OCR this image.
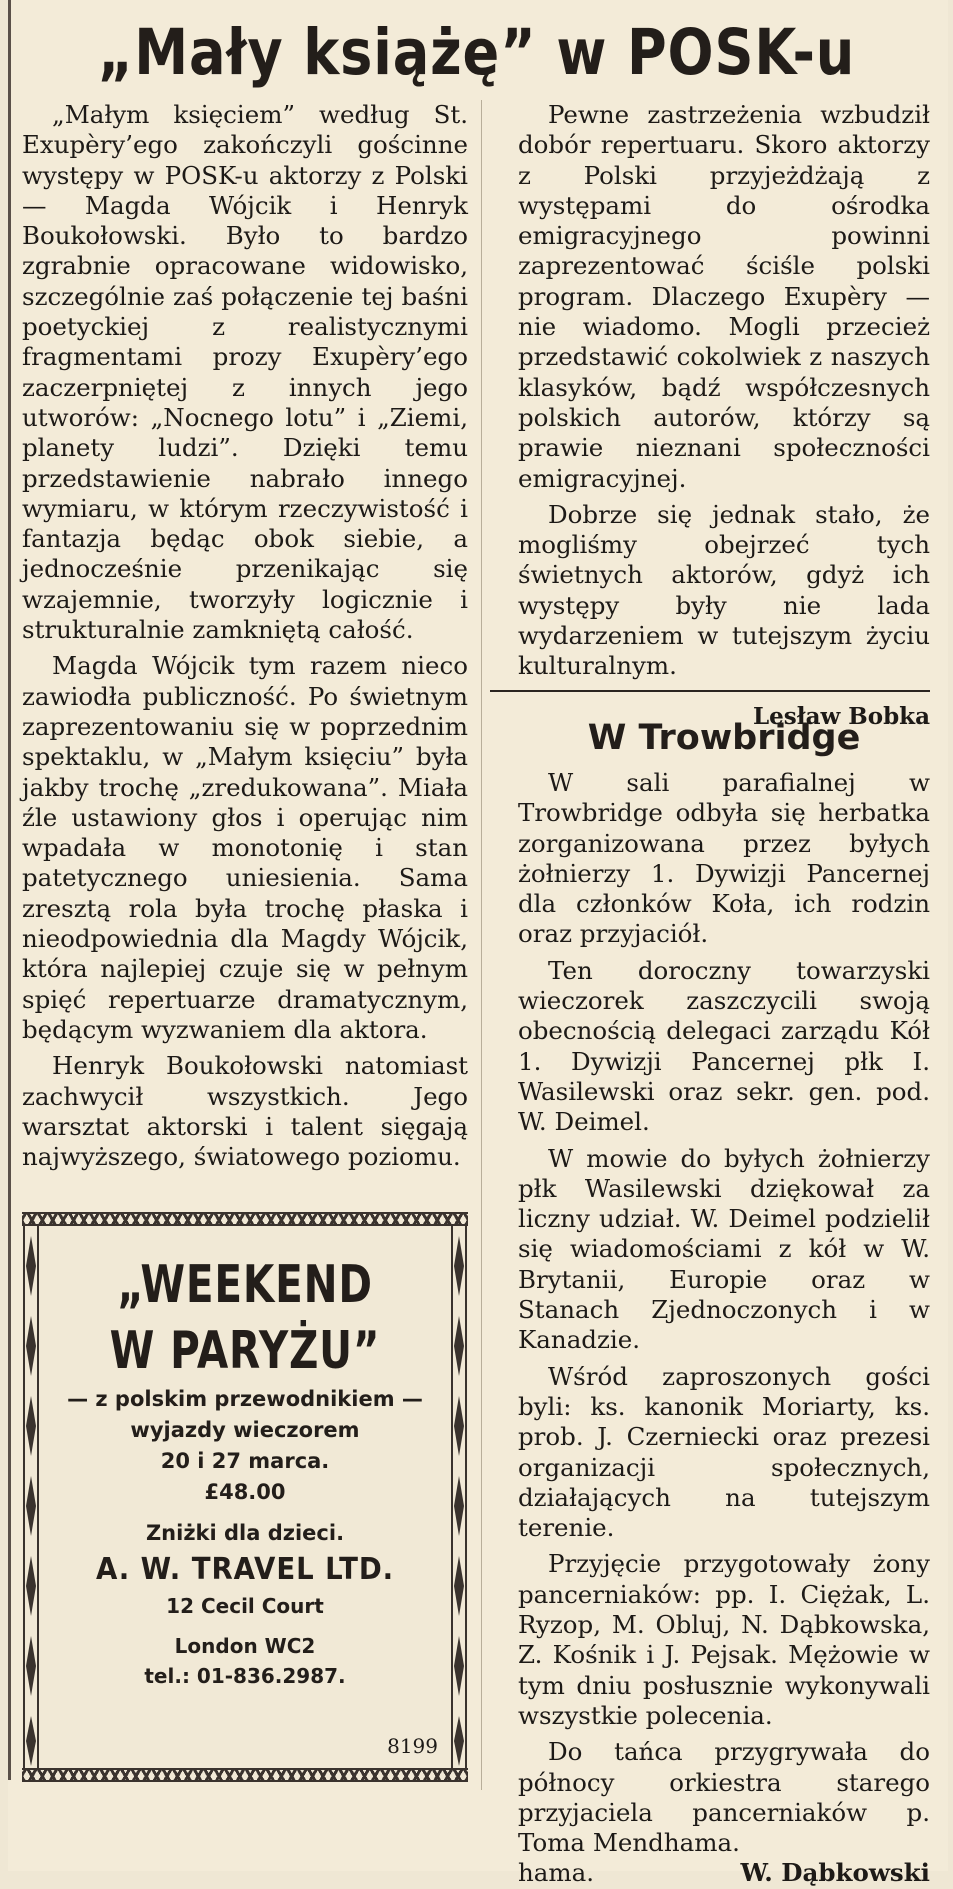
„Mały książę” w POSK-u

„Małym księciem” według St. Exupèry’ego zakończyli gościnne występy w POSK-u aktorzy z Polski — Magda Wójcik i Henryk Boukołowski. Było to bardzo zgrabnie opracowane widowisko, szczególnie zaś połączenie tej baśni poetyckiej z realistycznymi fragmentami prozy Exupèry’ego zaczerpniętej z innych jego utworów: „Nocnego lotu” i „Ziemi, planety ludzi”. Dzięki temu przedstawienie nabrało innego wymiaru, w którym rzeczywistość i fantazja będąc obok siebie, a jednocześnie przenikając się wzajemnie, tworzyły logicznie i strukturalnie zamkniętą całość.

Magda Wójcik tym razem nieco zawiodła publiczność. Po świetnym zaprezentowaniu się w poprzednim spektaklu, w „Małym księciu” była jakby trochę „zredukowana”. Miała źle ustawiony głos i operując nim wpadała w monotonię i stan patetycznego uniesienia. Sama zresztą rola była trochę płaska i nieodpowiednia dla Magdy Wójcik, która najlepiej czuje się w pełnym spięć repertuarze dramatycznym, będącym wyzwaniem dla aktora.

Henryk Boukołowski natomiast zachwycił wszystkich. Jego warsztat aktorski i talent sięgają najwyższego, światowego poziomu.

Pewne zastrzeżenia wzbudził dobór repertuaru. Skoro aktorzy z Polski przyjeżdżają z występami do ośrodka emigracyjnego powinni zaprezentować ściśle polski program. Dlaczego Exupèry — nie wiadomo. Mogli przecież przedstawić cokolwiek z naszych klasyków, bądź współczesnych polskich autorów, którzy są prawie nieznani społeczności emigracyjnej.

Dobrze się jednak stało, że mogliśmy obejrzeć tych świetnych aktorów, gdyż ich występy były nie lada wydarzeniem w tutejszym życiu kulturalnym.

Lesław Bobka
W Trowbridge

W sali parafialnej w Trowbridge odbyła się herbatka zorganizowana przez byłych żołnierzy 1. Dywizji Pancernej dla członków Koła, ich rodzin oraz przyjaciół.

Ten doroczny towarzyski wieczorek zaszczycili swoją obecnością delegaci zarządu Kół 1. Dywizji Pancernej płk I. Wasilewski oraz sekr. gen. pod. W. Deimel.

W mowie do byłych żołnierzy płk Wasilewski dziękował za liczny udział. W. Deimel podzielił się wiadomościami z kół w W. Brytanii, Europie oraz w Stanach Zjednoczonych i w Kanadzie.

Wśród zaproszonych gości byli: ks. kanonik Moriarty, ks. prob. J. Czerniecki oraz prezesi organizacji społecznych, działających na tutejszym terenie.

Przyjęcie przygotowały żony pancerniaków: pp. I. Ciężak, L. Ryzop, M. Obluj, N. Dąbkowska, Z. Kośnik i J. Pejsak. Mężowie w tym dniu posłusznie wykonywali wszystkie polecenia.

Do tańca przygrywała do północy orkiestra starego przyjaciela pancerniaków p. Toma Mendhama.

hama.	W. Dąbkowski
„WEEKEND
W PARYŻU”
— z polskim przewodnikiem —
wyjazdy wieczorem
20 i 27 marca.
£48.00
Zniżki dla dzieci.
A. W. TRAVEL LTD.
12 Cecil Court
London WC2
tel.: 01-836.2987.
8199
